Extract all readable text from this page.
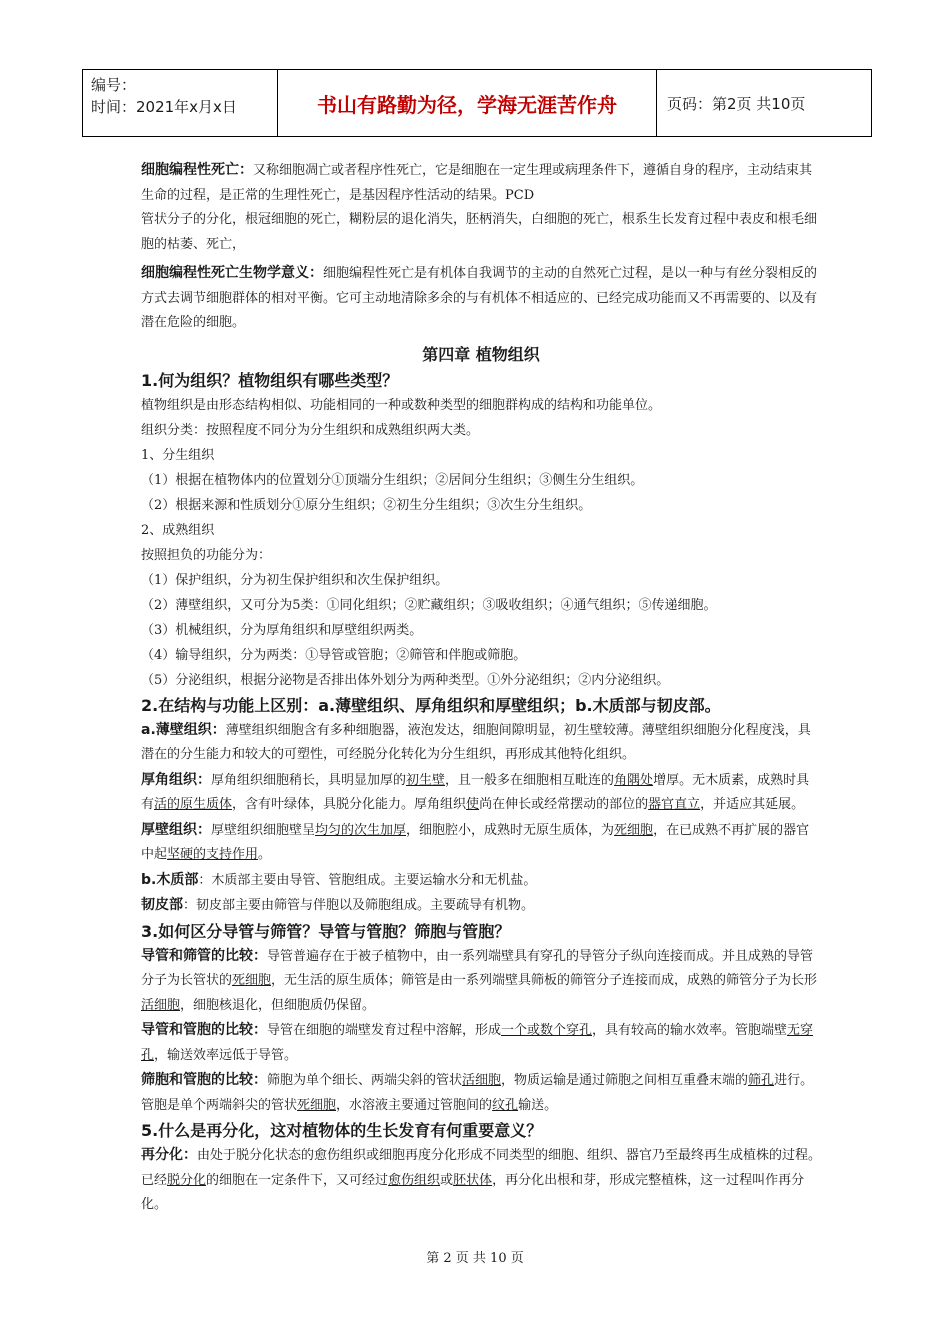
编号：
时间：2021年x月x日	书山有路勤为径，学海无涯苦作舟	页码：第2页 共10页

细胞编程性死亡：又称细胞凋亡或者程序性死亡，它是细胞在一定生理或病理条件下，遵循自身的程序，主动结束其生命的过程，是正常的生理性死亡，是基因程序性活动的结果。PCD

管状分子的分化，根冠细胞的死亡，糊粉层的退化消失，胚柄消失，白细胞的死亡，根系生长发育过程中表皮和根毛细胞的枯萎、死亡，

细胞编程性死亡生物学意义：细胞编程性死亡是有机体自我调节的主动的自然死亡过程，是以一种与有丝分裂相反的方式去调节细胞群体的相对平衡。它可主动地清除多余的与有机体不相适应的、已经完成功能而又不再需要的、以及有潜在危险的细胞。

第四章 植物组织

1.何为组织？植物组织有哪些类型？

植物组织是由形态结构相似、功能相同的一种或数种类型的细胞群构成的结构和功能单位。

组织分类：按照程度不同分为分生组织和成熟组织两大类。

1、分生组织

（1）根据在植物体内的位置划分①顶端分生组织；②居间分生组织；③侧生分生组织。

（2）根据来源和性质划分①原分生组织；②初生分生组织；③次生分生组织。

2、成熟组织

按照担负的功能分为：

（1）保护组织，分为初生保护组织和次生保护组织。

（2）薄壁组织，又可分为5类：①同化组织；②贮藏组织；③吸收组织；④通气组织；⑤传递细胞。

（3）机械组织，分为厚角组织和厚壁组织两类。

（4）输导组织，分为两类：①导管或管胞；②筛管和伴胞或筛胞。

（5）分泌组织，根据分泌物是否排出体外划分为两种类型。①外分泌组织；②内分泌组织。

2.在结构与功能上区别：a.薄壁组织、厚角组织和厚壁组织；b.木质部与韧皮部。

a.薄壁组织：薄壁组织细胞含有多种细胞器，液泡发达，细胞间隙明显，初生壁较薄。薄壁组织细胞分化程度浅，具潜在的分生能力和较大的可塑性，可经脱分化转化为分生组织，再形成其他特化组织。

厚角组织：厚角组织细胞稍长，具明显加厚的初生壁，且一般多在细胞相互毗连的角隅处增厚。无木质素，成熟时具有活的原生质体，含有叶绿体，具脱分化能力。厚角组织使尚在伸长或经常摆动的部位的器官直立，并适应其延展。

厚壁组织：厚壁组织细胞壁呈均匀的次生加厚，细胞腔小，成熟时无原生质体，为死细胞，在已成熟不再扩展的器官中起坚硬的支持作用。

b.木质部：木质部主要由导管、管胞组成。主要运输水分和无机盐。

韧皮部：韧皮部主要由筛管与伴胞以及筛胞组成。主要疏导有机物。

3.如何区分导管与筛管？导管与管胞？筛胞与管胞？

导管和筛管的比较：导管普遍存在于被子植物中，由一系列端壁具有穿孔的导管分子纵向连接而成。并且成熟的导管分子为长管状的死细胞，无生活的原生质体；筛管是由一系列端壁具筛板的筛管分子连接而成，成熟的筛管分子为长形活细胞，细胞核退化，但细胞质仍保留。

导管和管胞的比较：导管在细胞的端壁发育过程中溶解，形成一个或数个穿孔，具有较高的输水效率。管胞端壁无穿孔，输送效率远低于导管。

筛胞和管胞的比较：筛胞为单个细长、两端尖斜的管状活细胞，物质运输是通过筛胞之间相互重叠末端的筛孔进行。管胞是单个两端斜尖的管状死细胞，水溶液主要通过管胞间的纹孔输送。

5.什么是再分化，这对植物体的生长发育有何重要意义？

再分化：由处于脱分化状态的愈伤组织或细胞再度分化形成不同类型的细胞、组织、器官乃至最终再生成植株的过程。已经脱分化的细胞在一定条件下，又可经过愈伤组织或胚状体，再分化出根和芽，形成完整植株，这一过程叫作再分化。

第 2 页 共 10 页
